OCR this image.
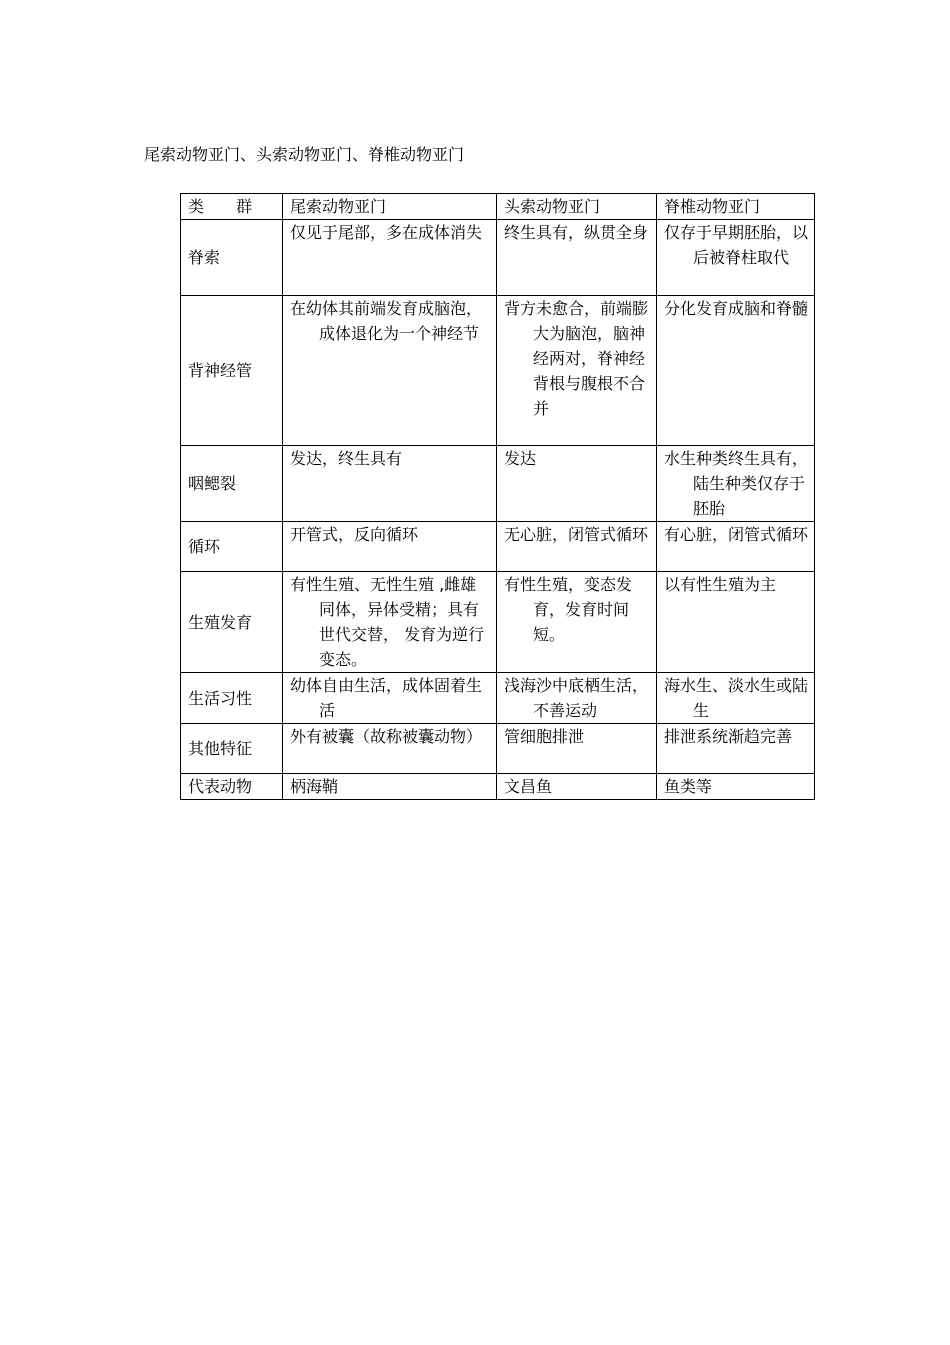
尾索动物亚门、头索动物亚门、脊椎动物亚门
类　　群	尾索动物亚门	头索动物亚门	脊椎动物亚门

脊索	仅见于尾部，多在成体消失	终生具有，纵贯全身	仅存于早期胚胎，以后被脊柱取代

背神经管	在幼体其前端发育成脑泡，成体退化为一个神经节	背方未愈合，前端膨大为脑泡，脑神经两对，脊神经背根与腹根不合并	分化发育成脑和脊髓

咽鳃裂	发达，终生具有	发达	水生种类终生具有，陆生种类仅存于胚胎

循环	开管式，反向循环	无心脏，闭管式循环	有心脏，闭管式循环

生殖发育	有性生殖、无性生殖 ,雌雄同体，异体受精；具有世代交替， 发育为逆行变态。	有性生殖，变态发育，发育时间短。	以有性生殖为主

生活习性	幼体自由生活，成体固着生活	浅海沙中底栖生活，不善运动	海水生、淡水生或陆生

其他特征	外有被囊（故称被囊动物）	管细胞排泄	排泄系统渐趋完善

代表动物	柄海鞘	文昌鱼	鱼类等
